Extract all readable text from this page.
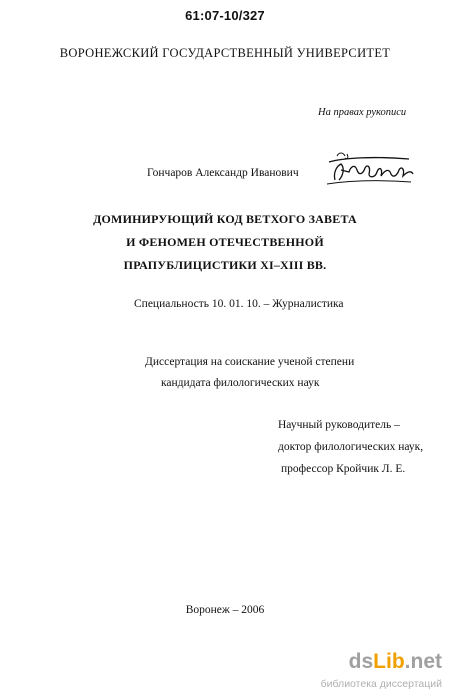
61:07-10/327
ВОРОНЕЖСКИЙ ГОСУДАРСТВЕННЫЙ УНИВЕРСИТЕТ
На правах рукописи
Гончаров Александр Иванович
ДОМИНИРУЮЩИЙ КОД ВЕТХОГО ЗАВЕТА
И ФЕНОМЕН ОТЕЧЕСТВЕННОЙ
ПРАПУБЛИЦИСТИКИ XI–XIII ВВ.
Специальность 10. 01. 10. – Журналистика
Диссертация на соискание ученой степени
кандидата филологических наук
Научный руководитель –
доктор филологических наук,
профессор Кройчик Л. Е.
Воронеж – 2006
dsLib.net
библиотека диссертаций
